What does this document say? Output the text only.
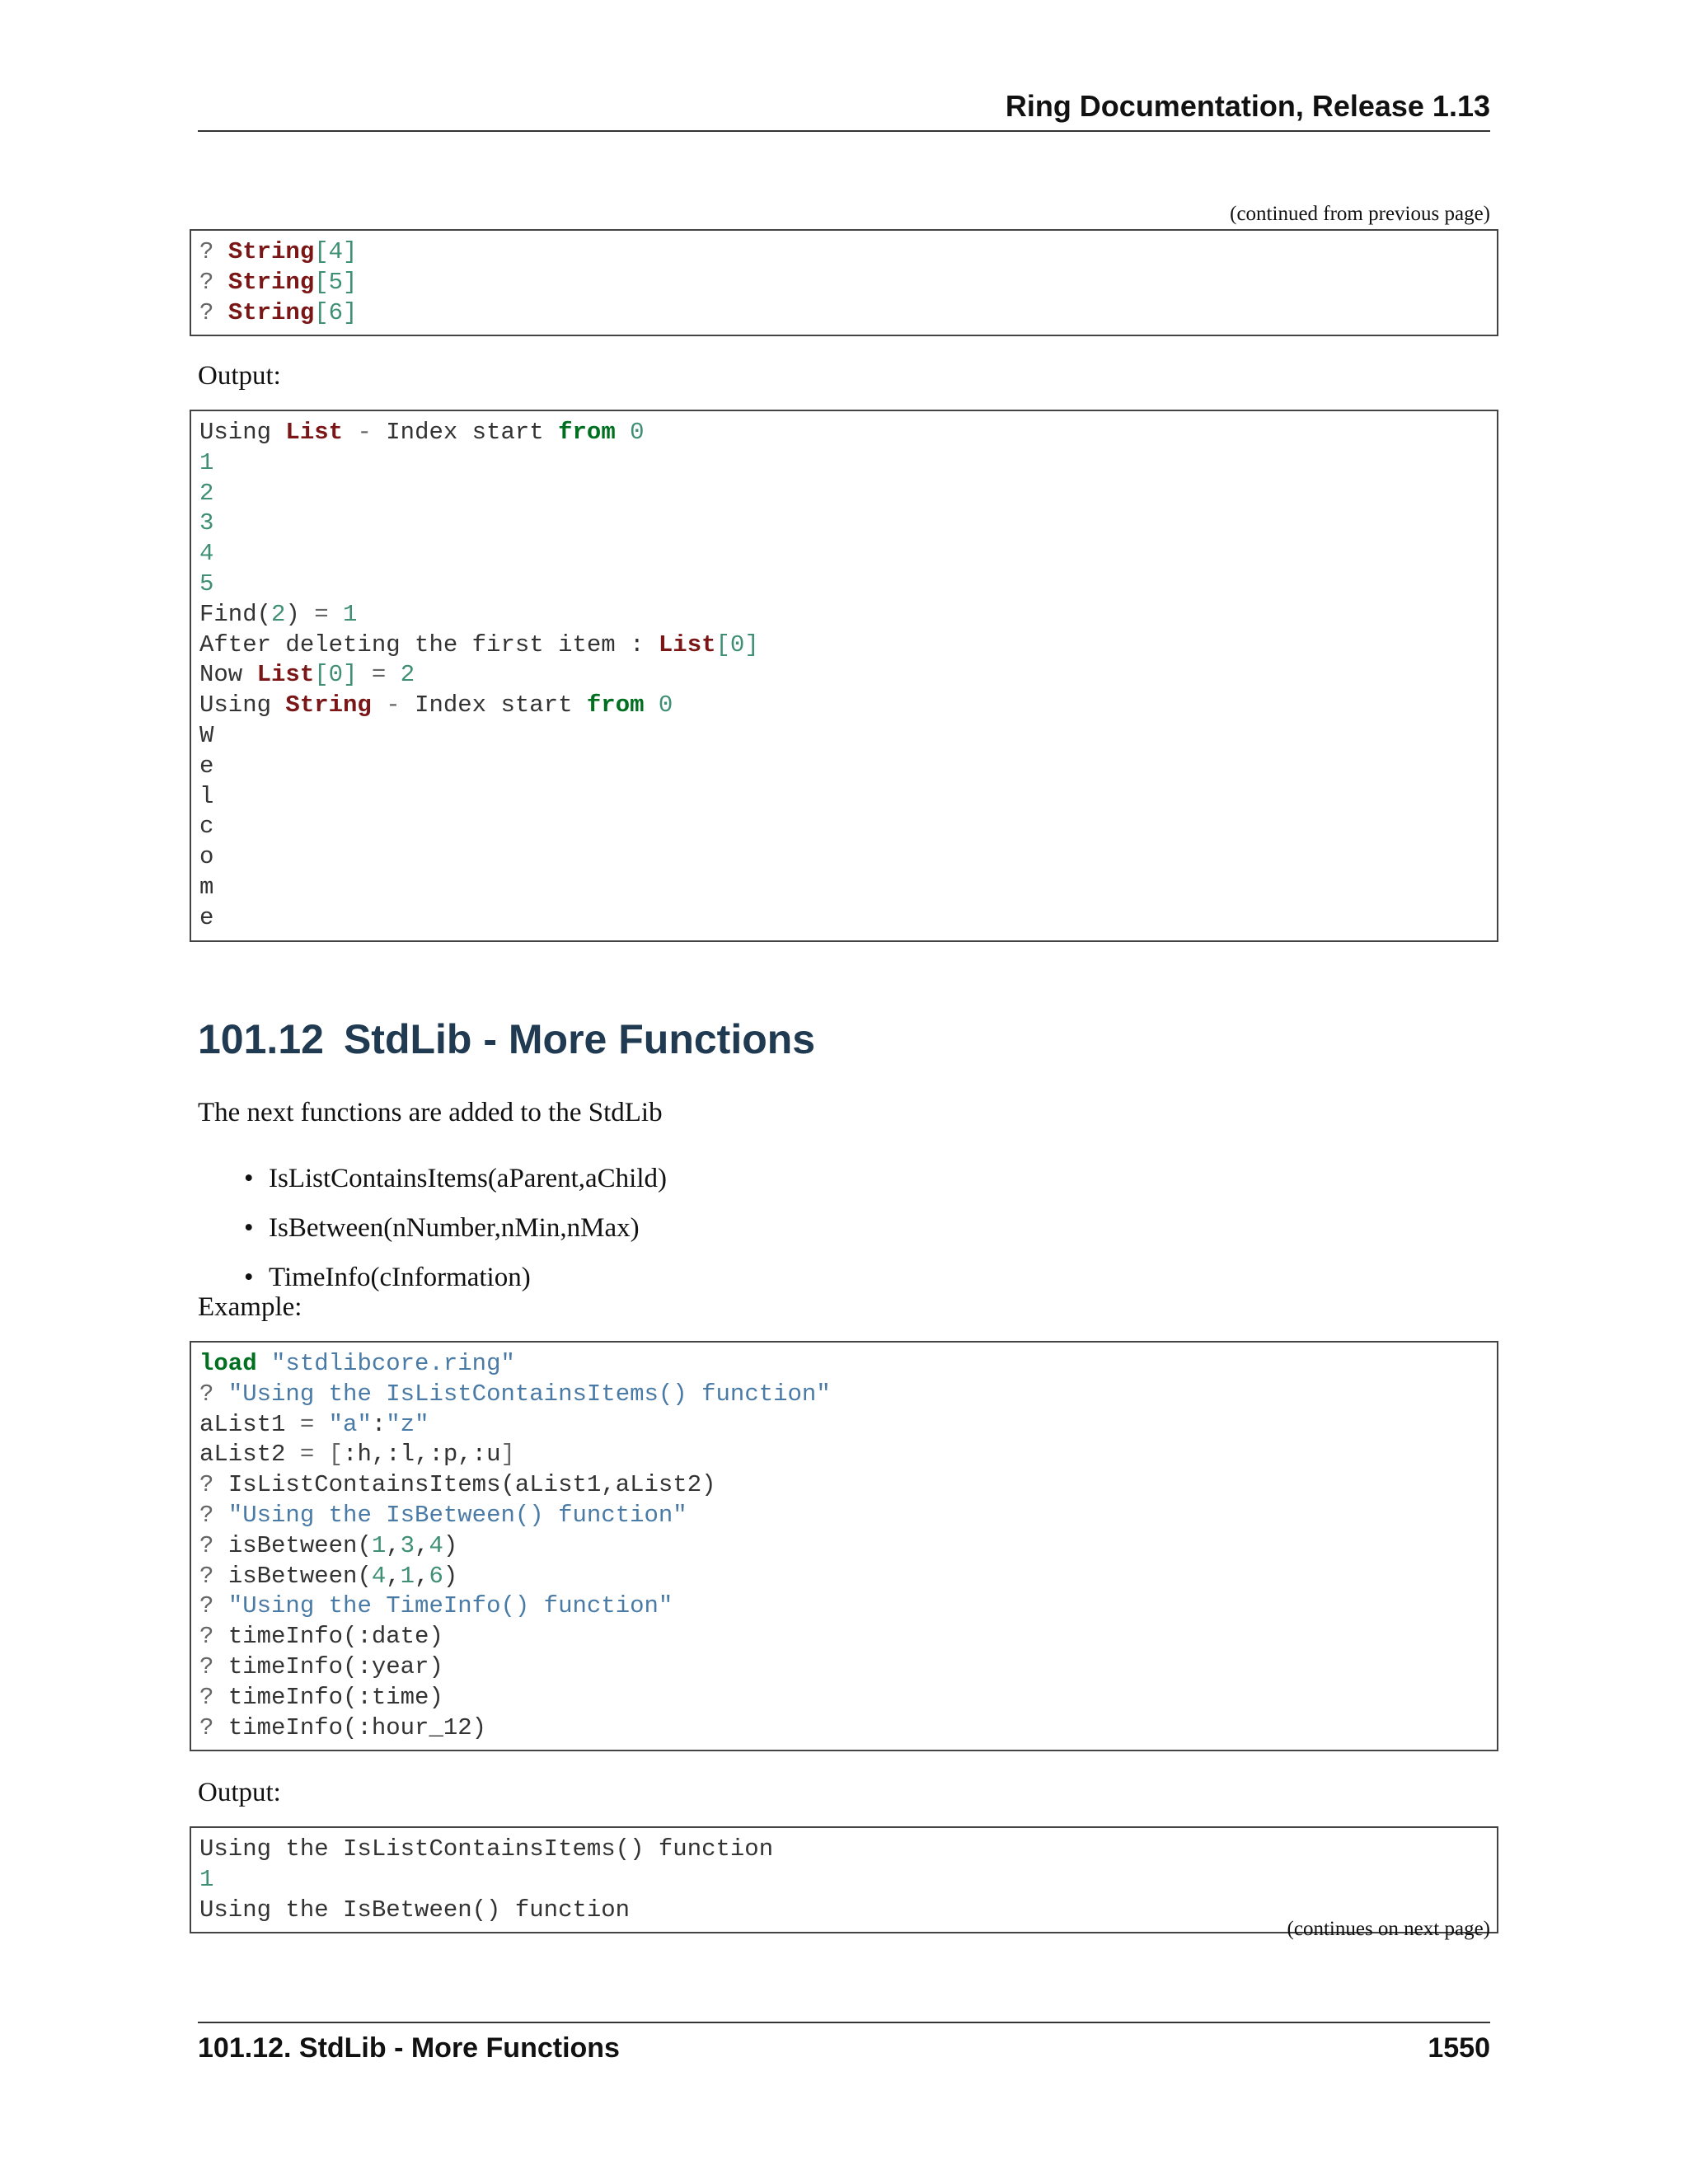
Ring Documentation, Release 1.13
(continued from previous page)
? String[4]
? String[5]
? String[6]
Output:
Using List - Index start from 0
1
2
3
4
5
Find(2) = 1
After deleting the first item : List[0]
Now List[0] = 2
Using String - Index start from 0
W
e
l
c
o
m
e
101.12 StdLib - More Functions
The next functions are added to the StdLib
• IsListContainsItems(aParent,aChild)
• IsBetween(nNumber,nMin,nMax)
• TimeInfo(cInformation)
Example:
load "stdlibcore.ring"
? "Using the IsListContainsItems() function"
aList1 = "a":"z"
aList2 = [:h,:l,:p,:u]
? IsListContainsItems(aList1,aList2)
? "Using the IsBetween() function"
? isBetween(1,3,4)
? isBetween(4,1,6)
? "Using the TimeInfo() function"
? timeInfo(:date)
? timeInfo(:year)
? timeInfo(:time)
? timeInfo(:hour_12)
Output:
Using the IsListContainsItems() function
1
Using the IsBetween() function
(continues on next page)
101.12. StdLib - More Functions	1550
